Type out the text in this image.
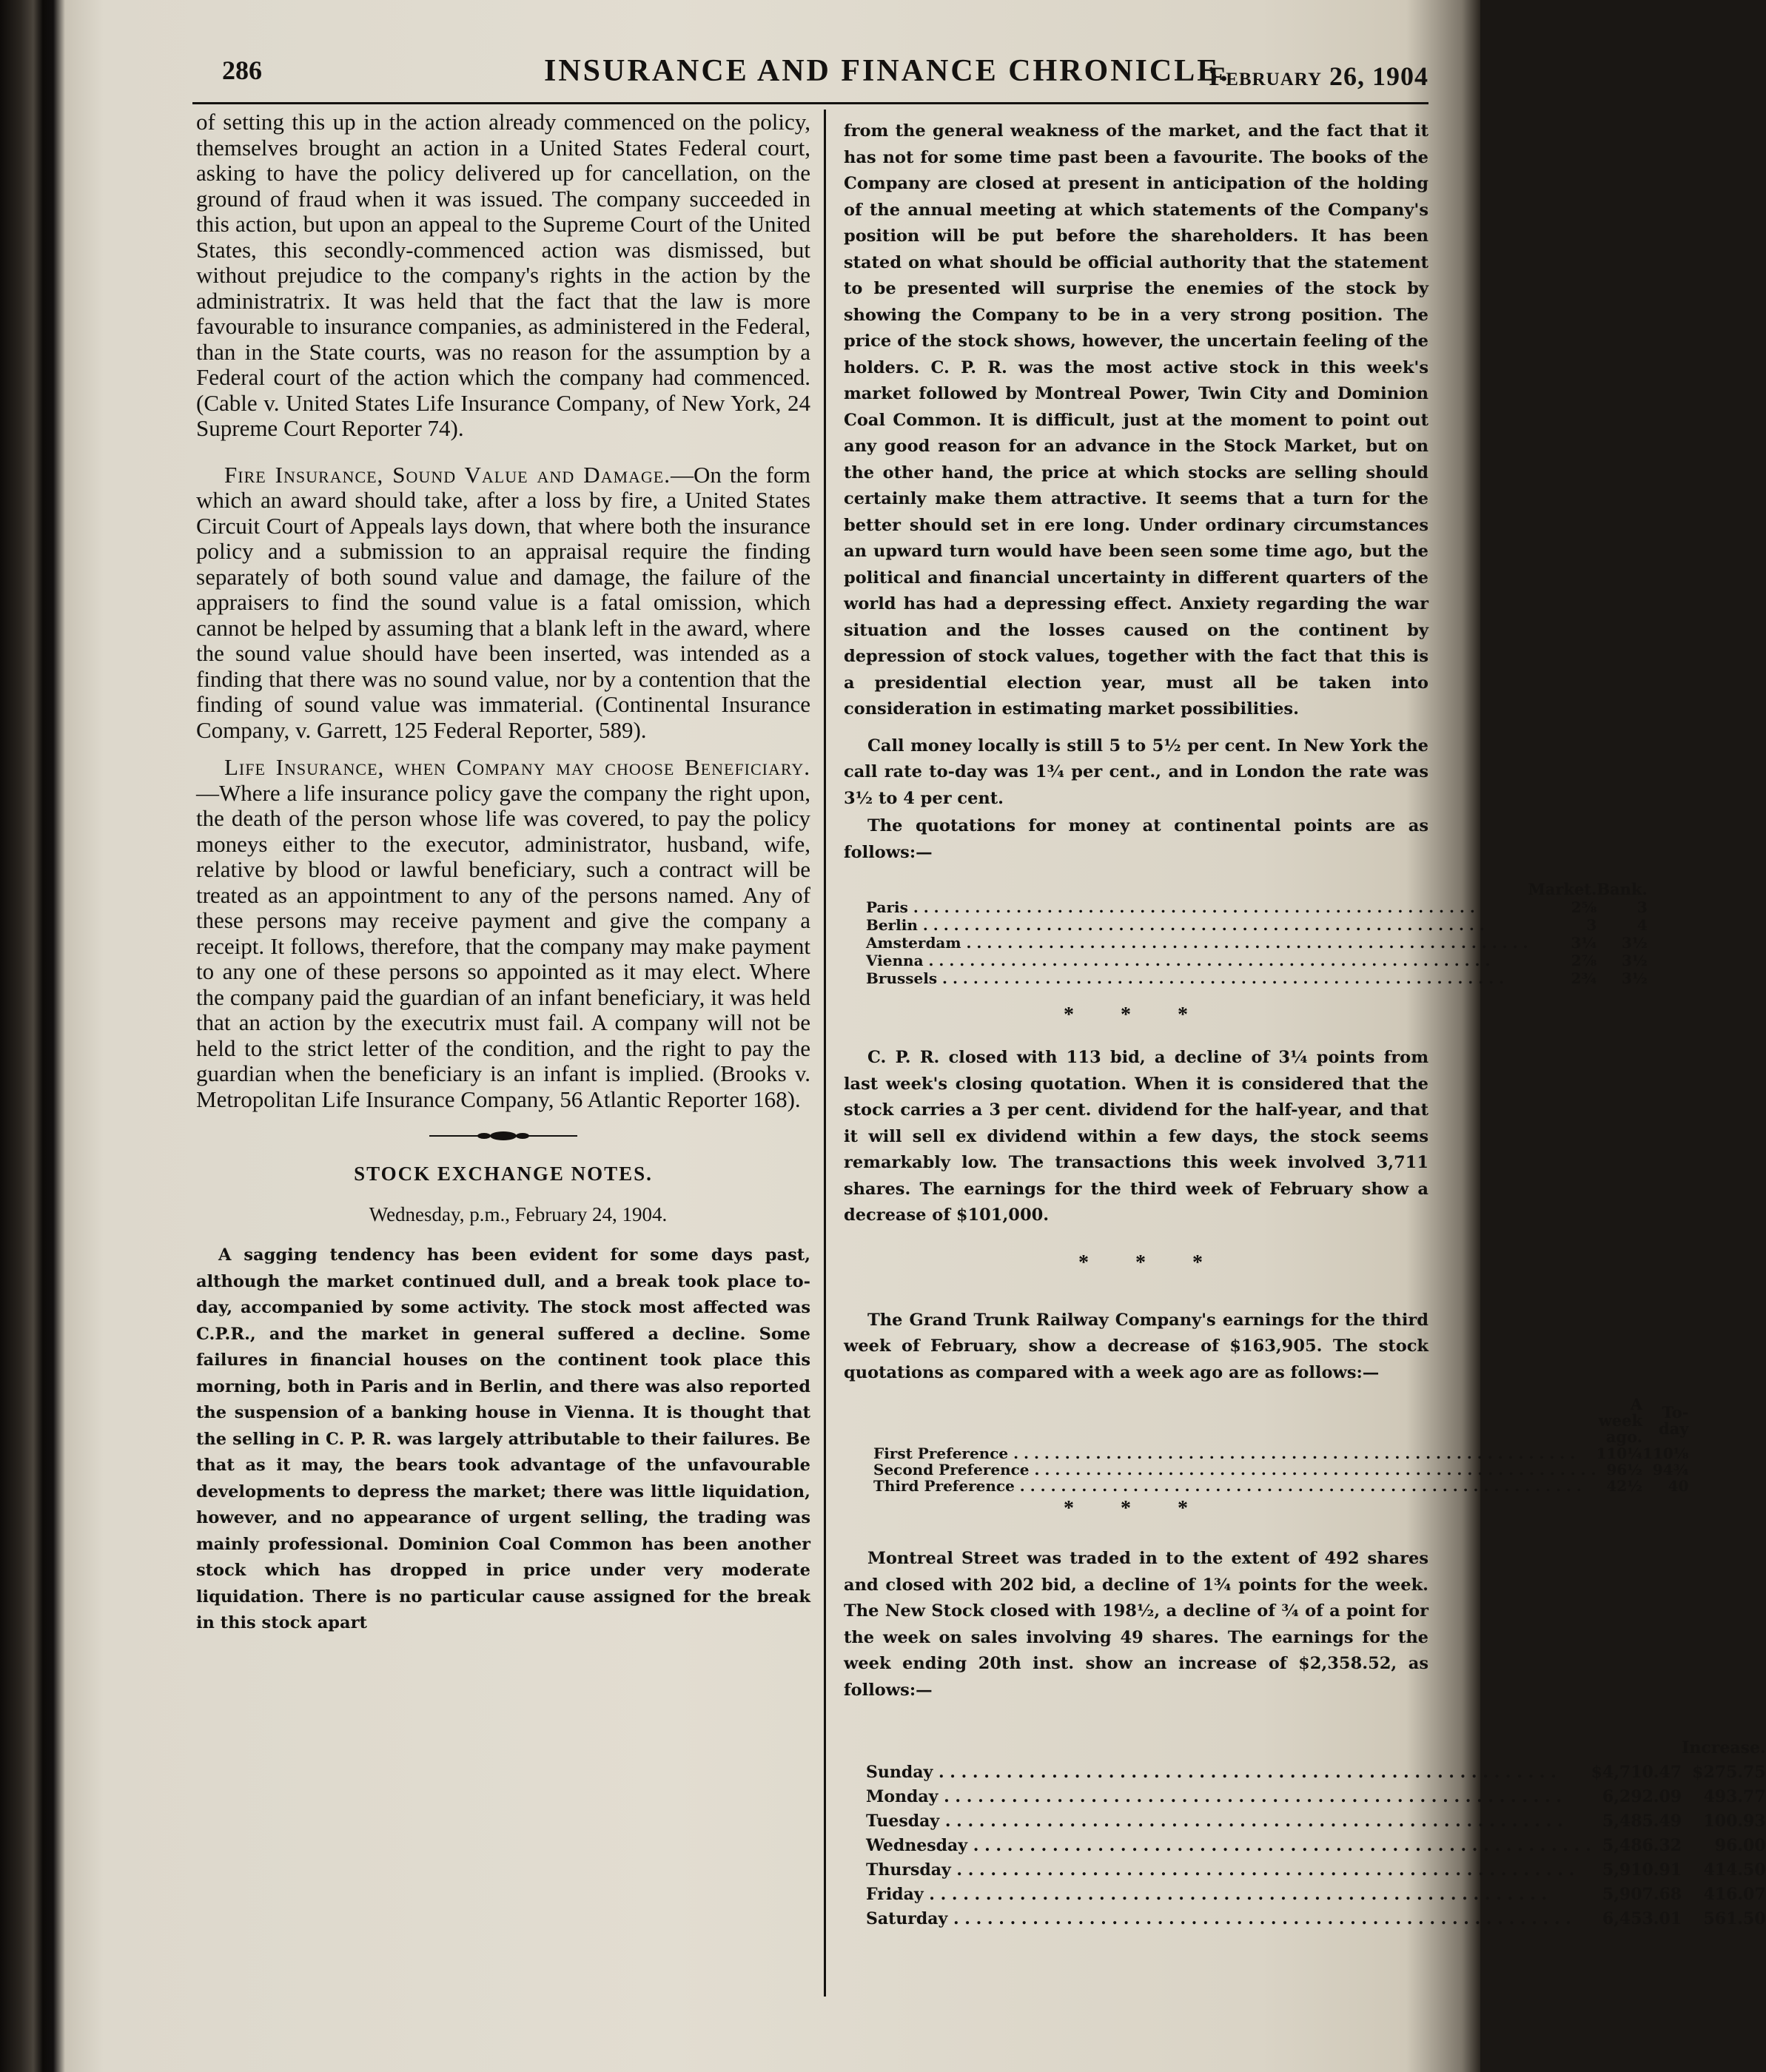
286	INSURANCE AND FINANCE CHRONICLE.
February 26, 1904

of setting this up in the action already commenced on the policy, themselves brought an action in a United States Federal court, asking to have the policy delivered up for cancellation, on the ground of fraud when it was issued. The company succeeded in this action, but upon an appeal to the Supreme Court of the United States, this secondly-commenced action was dismissed, but without prejudice to the company's rights in the action by the administratrix. It was held that the fact that the law is more favourable to insurance companies, as administered in the Federal, than in the State courts, was no reason for the assumption by a Federal court of the action which the company had commenced. (Cable v. United States Life Insurance Company, of New York, 24 Supreme Court Reporter 74).

Fire Insurance, Sound Value and Damage.—On the form which an award should take, after a loss by fire, a United States Circuit Court of Appeals lays down, that where both the insurance policy and a submission to an appraisal require the finding separately of both sound value and damage, the failure of the appraisers to find the sound value is a fatal omission, which cannot be helped by assuming that a blank left in the award, where the sound value should have been inserted, was intended as a finding that there was no sound value, nor by a contention that the finding of sound value was immaterial. (Continental Insurance Company, v. Garrett, 125 Federal Reporter, 589).

Life Insurance, when Company may choose Beneficiary.—Where a life insurance policy gave the company the right upon, the death of the person whose life was covered, to pay the policy moneys either to the executor, administrator, husband, wife, relative by blood or lawful beneficiary, such a contract will be treated as an appointment to any of the persons named. Any of these persons may receive payment and give the company a receipt. It follows, therefore, that the company may make payment to any one of these persons so appointed as it may elect. Where the company paid the guardian of an infant beneficiary, it was held that an action by the executrix must fail. A company will not be held to the strict letter of the condition, and the right to pay the guardian when the beneficiary is an infant is implied. (Brooks v. Metropolitan Life Insurance Company, 56 Atlantic Reporter 168).

STOCK EXCHANGE NOTES.
Wednesday, p.m., February 24, 1904.

A sagging tendency has been evident for some days past, although the market continued dull, and a break took place to-day, accompanied by some activity. The stock most affected was C.P.R., and the market in general suffered a decline. Some failures in financial houses on the continent took place this morning, both in Paris and in Berlin, and there was also reported the suspension of a banking house in Vienna. It is thought that the selling in C. P. R. was largely attributable to their failures. Be that as it may, the bears took advantage of the unfavourable developments to depress the market; there was little liquidation, however, and no appearance of urgent selling, the trading was mainly professional. Dominion Coal Common has been another stock which has dropped in price under very moderate liquidation. There is no particular cause assigned for the break in this stock apart

from the general weakness of the market, and the fact that it has not for some time past been a favourite. The books of the Company are closed at present in anticipation of the holding of the annual meeting at which statements of the Company's position will be put before the shareholders. It has been stated on what should be official authority that the statement to be presented will surprise the enemies of the stock by showing the Company to be in a very strong position. The price of the stock shows, however, the uncertain feeling of the holders. C. P. R. was the most active stock in this week's market followed by Montreal Power, Twin City and Dominion Coal Common. It is difficult, just at the moment to point out any good reason for an advance in the Stock Market, but on the other hand, the price at which stocks are selling should certainly make them attractive. It seems that a turn for the better should set in ere long. Under ordinary circumstances an upward turn would have been seen some time ago, but the political and financial uncertainty in different quarters of the world has had a depressing effect. Anxiety regarding the war situation and the losses caused on the continent by depression of stock values, together with the fact that this is a presidential election year, must all be taken into consideration in estimating market possibilities.

Call money locally is still 5 to 5½ per cent. In New York the call rate to-day was 1¾ per cent., and in London the rate was 3½ to 4 per cent.

The quotations for money at continental points are as follows:—

	Market.	Bank.
Paris . . .	2⅝	3
Berlin . . .	3	4
Amsterdam . . .	3¼	3½
Vienna . . .	2⅞	3½
Brussels . . .	2¾	3½
* * *

C. P. R. closed with 113 bid, a decline of 3¼ points from last week's closing quotation. When it is considered that the stock carries a 3 per cent. dividend for the half-year, and that it will sell ex dividend within a few days, the stock seems remarkably low. The transactions this week involved 3,711 shares. The earnings for the third week of February show a decrease of $101,000.

* * *

The Grand Trunk Railway Company's earnings for the third week of February, show a decrease of $163,905. The stock quotations as compared with a week ago are as follows:—

	A week ago.	To-day
First Preference . . .	110¼	110⅛
Second Preference . . .	96½	94¾
Third Preference . . .	42½	40
* * *

Montreal Street was traded in to the extent of 492 shares and closed with 202 bid, a decline of 1¾ points for the week. The New Stock closed with 198½, a decline of ¾ of a point for the week on sales involving 49 shares. The earnings for the week ending 20th inst. show an increase of $2,358.52, as follows:—

		Increase.
Sunday . . .	$4,710.47	$275.75
Monday . . .	6,292.09	493.77
Tuesday . . .	5,485.49	100.93
Wednesday . . .	5,486.32	96.00
Thursday . . .	5,910.91	414.50
Friday . . .	5,907.68	416.07
Saturday . . .	6,453.01	561.50
